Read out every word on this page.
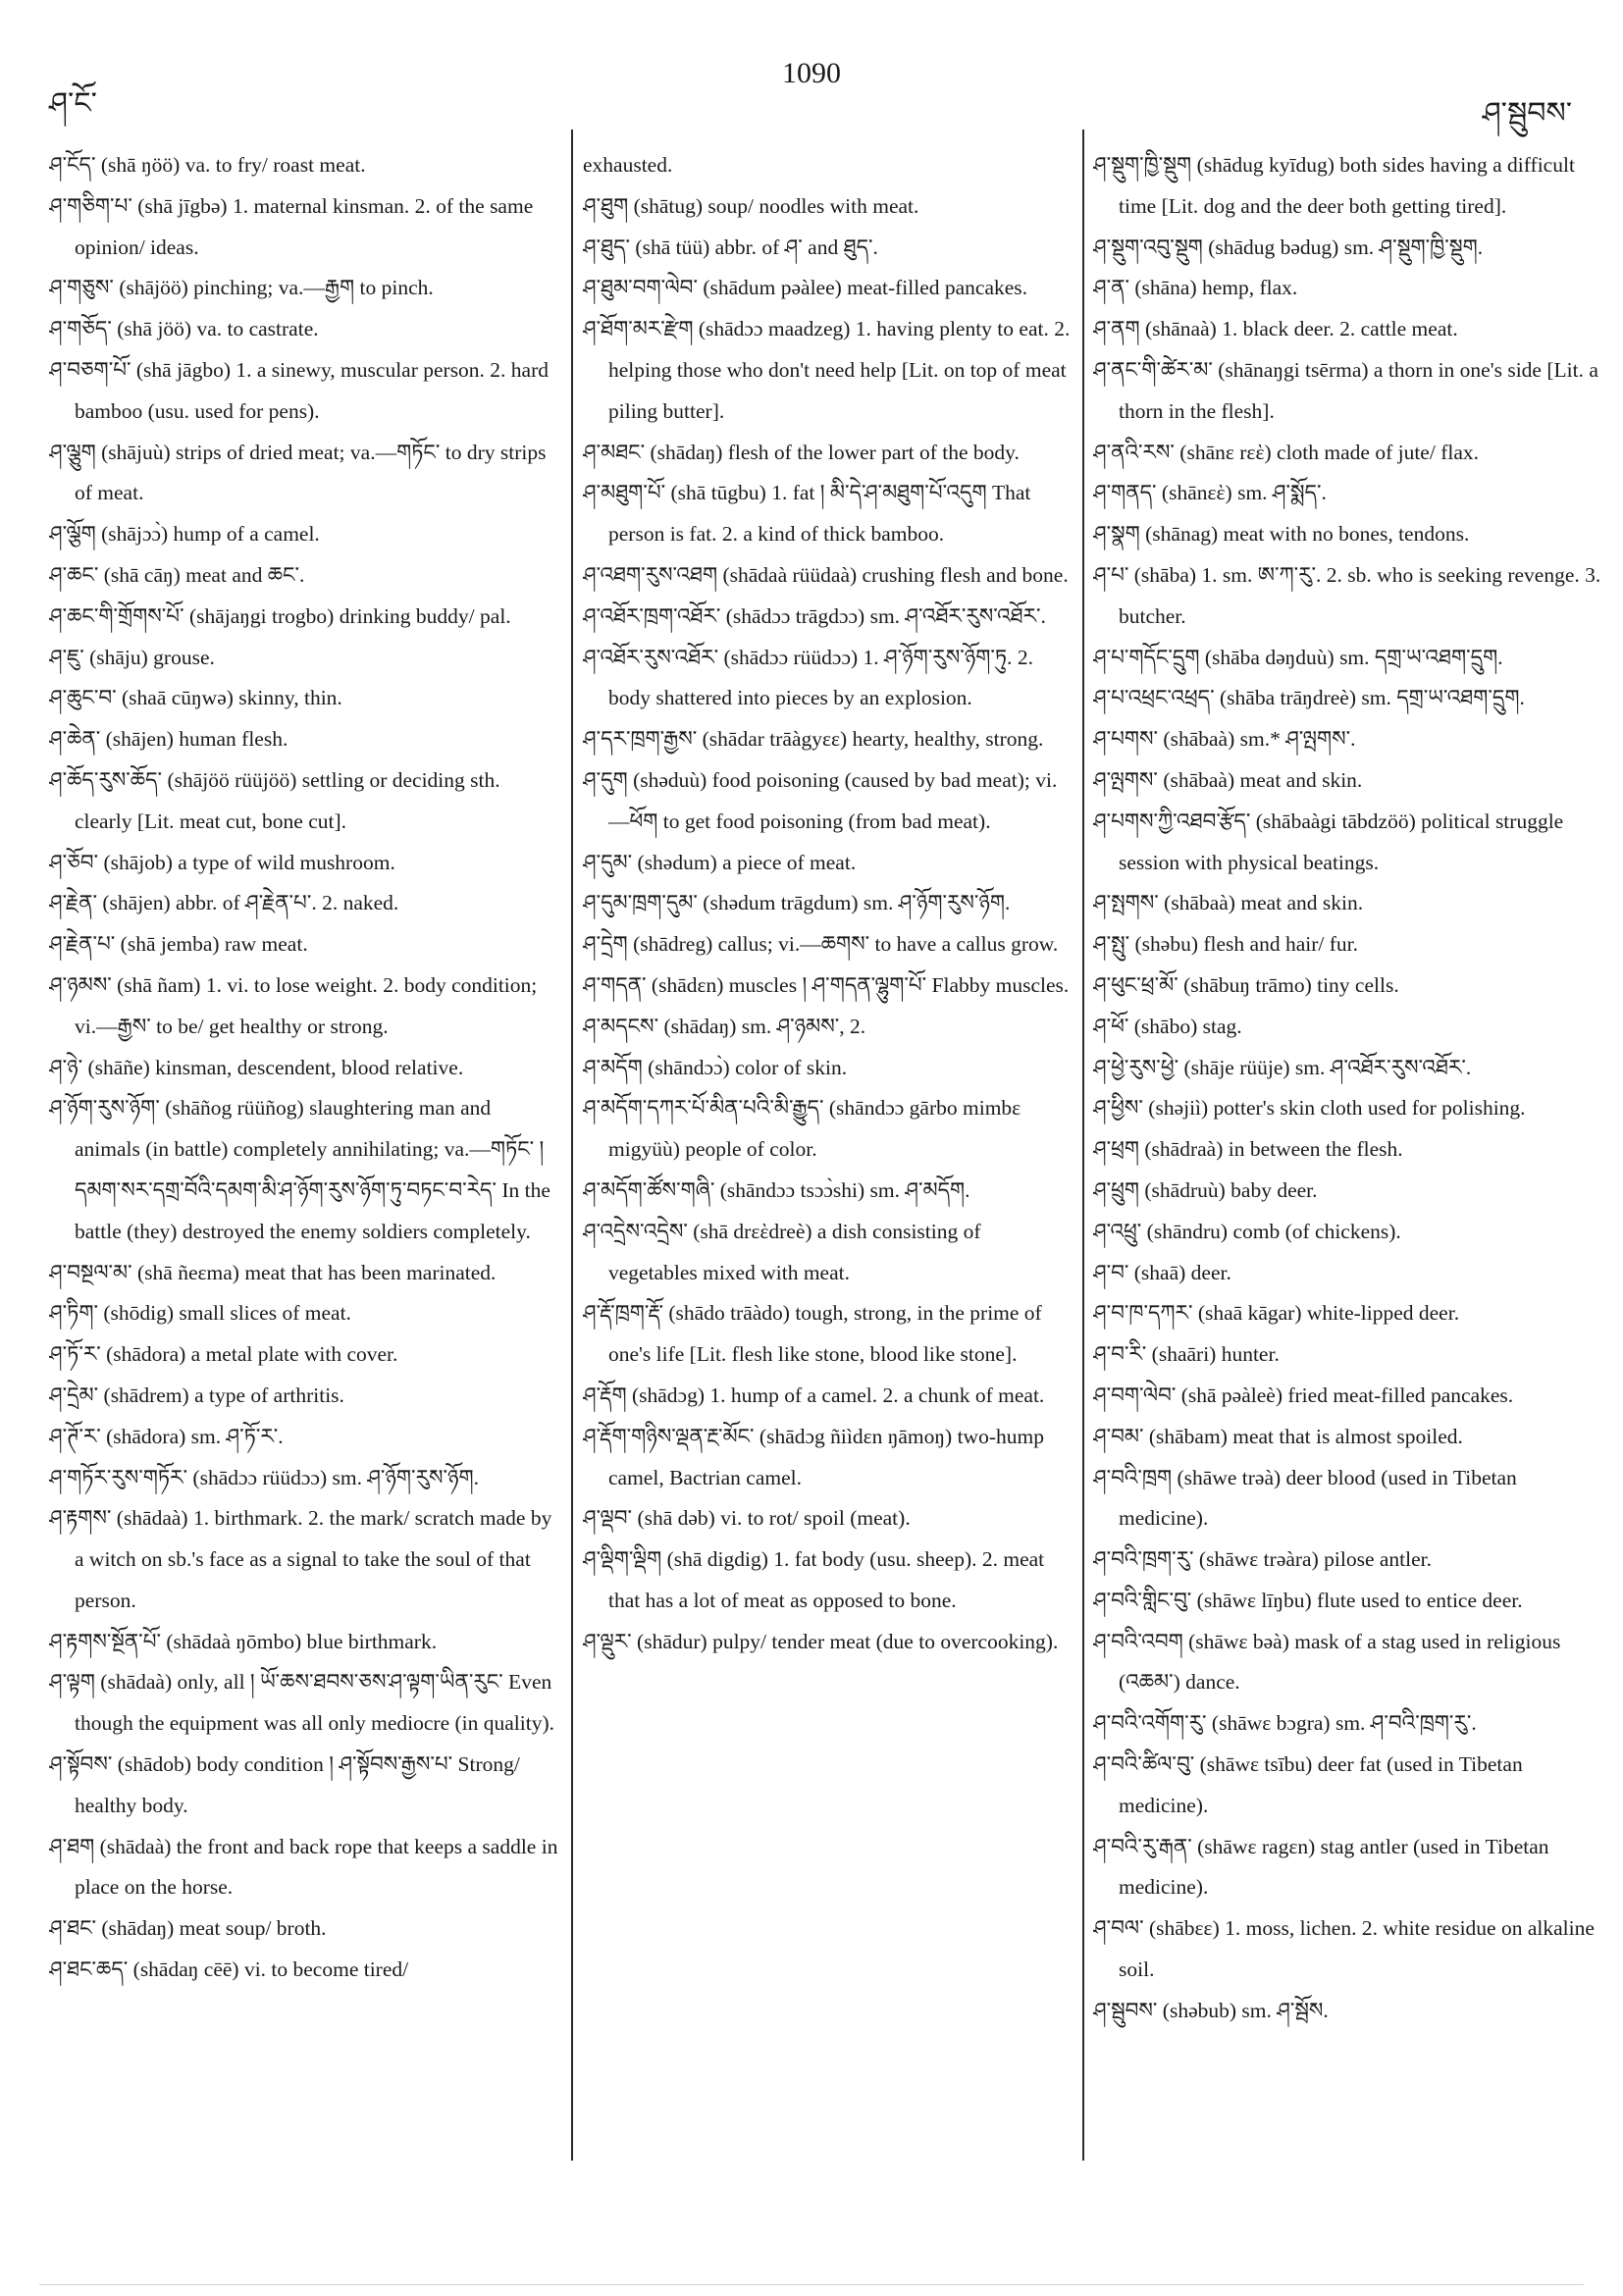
ཤ་ངོ་
1090
ཤ་སྦུབས་

ཤ་ངོད་ (shā ŋöö) va. to fry/ roast meat.

ཤ་གཅིག་པ་ (shā jīgbə) 1. maternal kinsman. 2. of the same opinion/ ideas.

ཤ་གཅུས་ (shājöö) pinching; va.—རྒྱག to pinch.

ཤ་གཅོད་ (shā jöö) va. to castrate.

ཤ་བཅག་པོ་ (shā jāgbo) 1. a sinewy, muscular person. 2. hard bamboo (usu. used for pens).

ཤ་ལྕུག (shājuù) strips of dried meat; va.—གཏོང་ to dry strips of meat.

ཤ་ལྕོག (shājɔɔ̀) hump of a camel.

ཤ་ཆང་ (shā cāŋ) meat and ཆང་.

ཤ་ཆང་གི་གྲོགས་པོ་ (shājaŋgi trogbo) drinking buddy/ pal.

ཤ་ཇུ་ (shāju) grouse.

ཤ་ཆུང་བ་ (shaā cūŋwə) skinny, thin.

ཤ་ཆེན་ (shājen) human flesh.

ཤ་ཆོད་རུས་ཆོད་ (shājöö rüüjöö) settling or deciding sth. clearly [Lit. meat cut, bone cut].

ཤ་ཅོབ་ (shājob) a type of wild mushroom.

ཤ་རྗེན་ (shājen) abbr. of ཤ་རྗེན་པ་. 2. naked.

ཤ་རྗེན་པ་ (shā jemba) raw meat.

ཤ་ཉམས་ (shā ñam) 1. vi. to lose weight. 2. body condition; vi.—རྒྱས་ to be/ get healthy or strong.

ཤ་ཉེ་ (shāñe) kinsman, descendent, blood relative.

ཤ་ཉོག་རུས་ཉོག་ (shāñog rüüñog) slaughtering man and animals (in battle) completely annihilating; va.—གཏོང་ ། དམག་སར་དགྲ་བོའི་དམག་མི་ཤ་ཉོག་རུས་ཉོག་ཏུ་བཏང་བ་རེད་ In the battle (they) destroyed the enemy soldiers completely.

ཤ་བསྔལ་མ་ (shā ñeεma) meat that has been marinated.

ཤ་ཏིག་ (shōdig) small slices of meat.

ཤ་ཏོ་ར་ (shādora) a metal plate with cover.

ཤ་དྲེམ་ (shādrem) a type of arthritis.

ཤ་ཊོ་ར་ (shādora) sm. ཤ་ཏོ་ར་.

ཤ་གཏོར་རུས་གཏོར་ (shādɔɔ rüüdɔɔ) sm. ཤ་ཉོག་རུས་ཉོག.

ཤ་རྟགས་ (shādaà) 1. birthmark. 2. the mark/ scratch made by a witch on sb.'s face as a signal to take the soul of that person.

ཤ་རྟགས་སྔོན་པོ་ (shādaà ŋōmbo) blue birthmark.

ཤ་ལྟག (shādaà) only, all ། ཡོ་ཆས་ཐབས་ཅས་ཤ་ལྟག་ཡིན་རུང་ Even though the equipment was all only mediocre (in quality).

ཤ་སྟོབས་ (shādob) body condition ། ཤ་སྟོབས་རྒྱས་པ་ Strong/ healthy body.

ཤ་ཐག (shādaà) the front and back rope that keeps a saddle in place on the horse.

ཤ་ཐང་ (shādaŋ) meat soup/ broth.

ཤ་ཐང་ཆད་ (shādaŋ cēē) vi. to become tired/

exhausted.

ཤ་ཐུག (shātug) soup/ noodles with meat.

ཤ་ཐུད་ (shā tüü) abbr. of ཤ་ and ཐུད་.

ཤ་ཐུམ་བག་ལེབ་ (shādum pəàlee) meat-filled pancakes.

ཤ་ཐོག་མར་རྫེག (shādɔɔ maadzeg) 1. having plenty to eat. 2. helping those who don't need help [Lit. on top of meat piling butter].

ཤ་མཐང་ (shādaŋ) flesh of the lower part of the body.

ཤ་མཐུག་པོ་ (shā tūgbu) 1. fat ། མི་དེ་ཤ་མཐུག་པོ་འདུག That person is fat. 2. a kind of thick bamboo.

ཤ་འཐག་རུས་འཐག (shādaà rüüdaà) crushing flesh and bone.

ཤ་འཐོར་ཁྲག་འཐོར་ (shādɔɔ trāgdɔɔ) sm. ཤ་འཐོར་རུས་འཐོར་.

ཤ་འཐོར་རུས་འཐོར་ (shādɔɔ rüüdɔɔ) 1. ཤ་ཉོག་རུས་ཉོག་ཏུ. 2. body shattered into pieces by an explosion.

ཤ་དར་ཁྲག་རྒྱས་ (shādar trāàgyεε) hearty, healthy, strong.

ཤ་དུག (shəduù) food poisoning (caused by bad meat); vi.—ཕོག to get food poisoning (from bad meat).

ཤ་དུམ་ (shədum) a piece of meat.

ཤ་དུམ་ཁྲག་དུམ་ (shədum trāgdum) sm. ཤ་ཉོག་རུས་ཉོག.

ཤ་དྲེག (shādreg) callus; vi.—ཆགས་ to have a callus grow.

ཤ་གདན་ (shādεn) muscles ། ཤ་གདན་ལྷུག་པོ་ Flabby muscles.

ཤ་མདངས་ (shādaŋ) sm. ཤ་ཉམས་, 2.

ཤ་མདོག (shāndɔɔ̀) color of skin.

ཤ་མདོག་དཀར་པོ་མིན་པའི་མི་རྒྱུད་ (shāndɔɔ gārbo mimbε migyüù) people of color.

ཤ་མདོག་ཚོས་གཞི་ (shāndɔɔ tsɔɔ̀shi) sm. ཤ་མདོག.

ཤ་འདྲེས་འདྲེས་ (shā drεὲdreè) a dish consisting of vegetables mixed with meat.

ཤ་རྡོ་ཁྲག་རྡོ་ (shādo trāàdo) tough, strong, in the prime of one's life [Lit. flesh like stone, blood like stone].

ཤ་རྡོག (shādɔg) 1. hump of a camel. 2. a chunk of meat.

ཤ་རྡོག་གཉིས་ལྡན་རྔ་མོང་ (shādɔg ñiìdεn ŋāmoŋ) two-hump camel, Bactrian camel.

ཤ་ལྡབ་ (shā dəb) vi. to rot/ spoil (meat).

ཤ་ལྡིག་ལྡིག (shā digdig) 1. fat body (usu. sheep). 2. meat that has a lot of meat as opposed to bone.

ཤ་ལྡུར་ (shādur) pulpy/ tender meat (due to overcooking).

ཤ་སྡུག་ཁྱི་སྡུག (shādug kyīdug) both sides having a difficult time [Lit. dog and the deer both getting tired].

ཤ་སྡུག་འབུ་སྡུག (shādug bədug) sm. ཤ་སྡུག་ཁྱི་སྡུག.

ཤ་ན་ (shāna) hemp, flax.

ཤ་ནག (shānaà) 1. black deer. 2. cattle meat.

ཤ་ནང་གི་ཚེར་མ་ (shānaŋgi tsērma) a thorn in one's side [Lit. a thorn in the flesh].

ཤ་ནའི་རས་ (shānε rεὲ) cloth made of jute/ flax.

ཤ་གནད་ (shānεὲ) sm. ཤ་སྨོད་.

ཤ་སྣག (shānag) meat with no bones, tendons.

ཤ་པ་ (shāba) 1. sm. ཨ་ཀ་རུ་. 2. sb. who is seeking revenge. 3. butcher.

ཤ་པ་གདོང་དྲུག (shāba dəŋduù) sm. དགྲ་ཡ་འཐག་དྲུག.

ཤ་པ་འཕྲང་འཕྲད་ (shāba trāŋdreè) sm. དགྲ་ཡ་འཐག་དྲུག.

ཤ་པགས་ (shābaà) sm.* ཤ་ལྤགས་.

ཤ་ལྤགས་ (shābaà) meat and skin.

ཤ་པགས་ཀྱི་འཐབ་རྩོད་ (shābaàgi tābdzöö) political struggle session with physical beatings.

ཤ་སྤགས་ (shābaà) meat and skin.

ཤ་སྤུ་ (shəbu) flesh and hair/ fur.

ཤ་ཕུང་ཕྲ་མོ་ (shābuŋ trāmo) tiny cells.

ཤ་ཕོ་ (shābo) stag.

ཤ་ཕྱེ་རུས་ཕྱེ་ (shāje rüüje) sm. ཤ་འཐོར་རུས་འཐོར་.

ཤ་ཕྱིས་ (shəjiì) potter's skin cloth used for polishing.

ཤ་ཕྲག (shādraà) in between the flesh.

ཤ་ཕྲུག (shādruù) baby deer.

ཤ་འཕྲུ་ (shāndru) comb (of chickens).

ཤ་བ་ (shaā) deer.

ཤ་བ་ཁ་དཀར་ (shaā kāgar) white-lipped deer.

ཤ་བ་རི་ (shaāri) hunter.

ཤ་བག་ལེབ་ (shā pəàleè) fried meat-filled pancakes.

ཤ་བམ་ (shābam) meat that is almost spoiled.

ཤ་བའི་ཁྲག (shāwe trəà) deer blood (used in Tibetan medicine).

ཤ་བའི་ཁྲག་རུ་ (shāwε trəàra) pilose antler.

ཤ་བའི་གླིང་བུ་ (shāwε līŋbu) flute used to entice deer.

ཤ་བའི་འབག (shāwε bəà) mask of a stag used in religious (འཆམ་) dance.

ཤ་བའི་འགོག་རུ་ (shāwε bɔgra) sm. ཤ་བའི་ཁྲག་རུ་.

ཤ་བའི་ཚིལ་བུ་ (shāwε tsību) deer fat (used in Tibetan medicine).

ཤ་བའི་རུ་རྒན་ (shāwε ragεn) stag antler (used in Tibetan medicine).

ཤ་བལ་ (shābεε) 1. moss, lichen. 2. white residue on alkaline soil.

ཤ་སྦུབས་ (shəbub) sm. ཤ་སྦོས.
